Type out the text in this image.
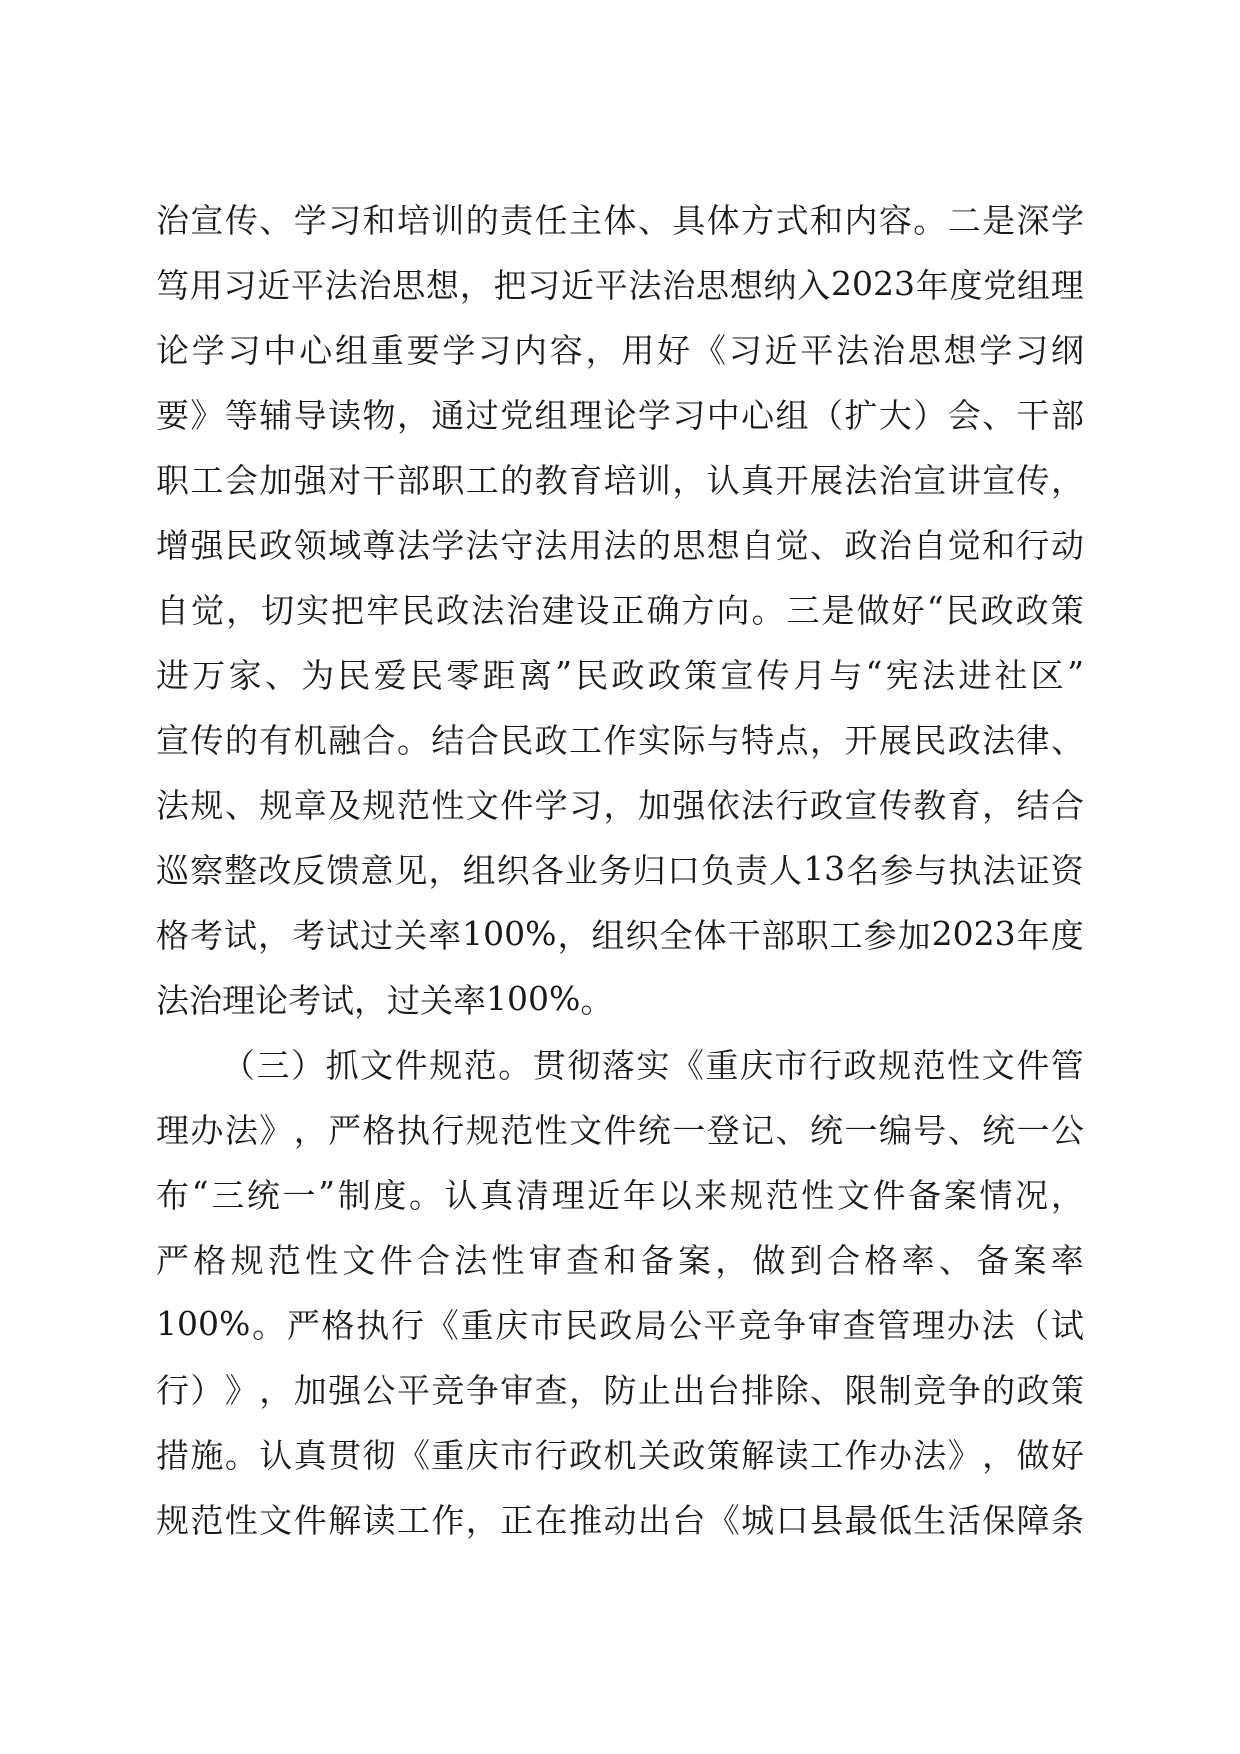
治 宣 传 、 学 习 和 培 训 的 责 任 主 体 、 具 体 方 式 和 内 容 。 二 是 深 学
笃 用 习 近 平 法 治 思 想 ， 把 习 近 平 法 治 思 想 纳 入 2023 年 度 党 组 理
论 学 习 中 心 组 重 要 学 习 内 容 ， 用 好 《 习 近 平 法 治 思 想 学 习 纲
要 》 等 辅 导 读 物 ， 通 过 党 组 理 论 学 习 中 心 组 （ 扩 大 ） 会 、 干 部
职 工 会 加 强 对 干 部 职 工 的 教 育 培 训 ， 认 真 开 展 法 治 宣 讲 宣 传 ，
增 强 民 政 领 域 尊 法 学 法 守 法 用 法 的 思 想 自 觉 、 政 治 自 觉 和 行 动
自 觉 ， 切 实 把 牢 民 政 法 治 建 设 正 确 方 向 。 三 是 做 好 “ 民 政 政 策
进 万 家 、 为 民 爱 民 零 距 离 ” 民 政 政 策 宣 传 月 与 “ 宪 法 进 社 区 ”
宣 传 的 有 机 融 合 。 结 合 民 政 工 作 实 际 与 特 点 ， 开 展 民 政 法 律 、
法 规 、 规 章 及 规 范 性 文 件 学 习 ， 加 强 依 法 行 政 宣 传 教 育 ， 结 合
巡 察 整 改 反 馈 意 见 ， 组 织 各 业 务 归 口 负 责 人 13 名 参 与 执 法 证 资
格 考 试 ， 考 试 过 关 率 100% ， 组 织 全 体 干 部 职 工 参 加 2023 年 度
法 治 理 论 考 试 ， 过 关 率 100% 。
（ 三 ） 抓 文 件 规 范 。 贯 彻 落 实 《 重 庆 市 行 政 规 范 性 文 件 管
理 办 法 》 ， 严 格 执 行 规 范 性 文 件 统 一 登 记 、 统 一 编 号 、 统 一 公
布 “ 三 统 一 ” 制 度 。 认 真 清 理 近 年 以 来 规 范 性 文 件 备 案 情 况 ，
严 格 规 范 性 文 件 合 法 性 审 查 和 备 案 ， 做 到 合 格 率 、 备 案 率
100% 。 严 格 执 行 《 重 庆 市 民 政 局 公 平 竞 争 审 查 管 理 办 法 （ 试
行 ） 》 ， 加 强 公 平 竞 争 审 查 ， 防 止 出 台 排 除 、 限 制 竞 争 的 政 策
措 施 。 认 真 贯 彻 《 重 庆 市 行 政 机 关 政 策 解 读 工 作 办 法 》 ， 做 好
规 范 性 文 件 解 读 工 作 ， 正 在 推 动 出 台 《 城 口 县 最 低 生 活 保 障 条
